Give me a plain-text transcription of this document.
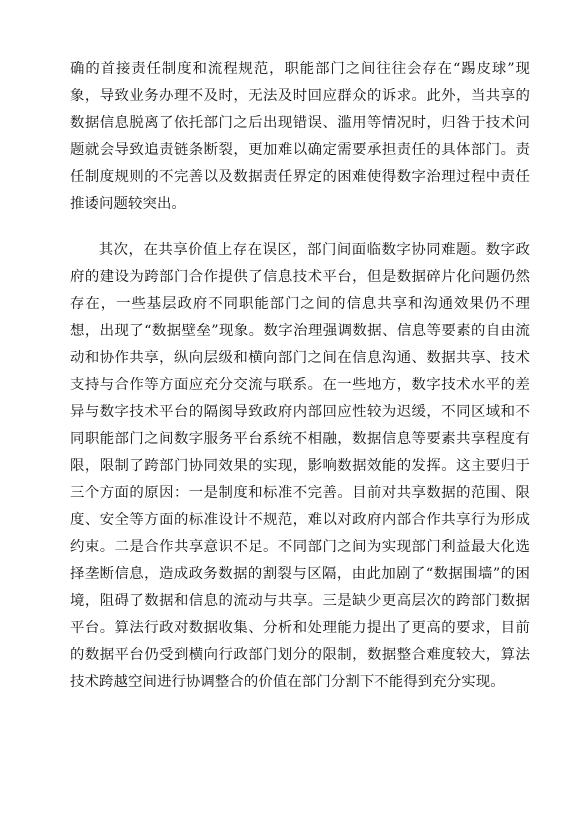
确的首接责任制度和流程规范，职能部门之间往往会存在“踢皮球”现象，导致业务办理不及时，无法及时回应群众的诉求。此外，当共享的数据信息脱离了依托部门之后出现错误、滥用等情况时，归咎于技术问题就会导致追责链条断裂，更加难以确定需要承担责任的具体部门。责任制度规则的不完善以及数据责任界定的困难使得数字治理过程中责任推诿问题较突出。

其次，在共享价值上存在误区，部门间面临数字协同难题。数字政府的建设为跨部门合作提供了信息技术平台，但是数据碎片化问题仍然存在，一些基层政府不同职能部门之间的信息共享和沟通效果仍不理想，出现了“数据壁垒”现象。数字治理强调数据、信息等要素的自由流动和协作共享，纵向层级和横向部门之间在信息沟通、数据共享、技术支持与合作等方面应充分交流与联系。在一些地方，数字技术水平的差异与数字技术平台的隔阂导致政府内部回应性较为迟缓，不同区域和不同职能部门之间数字服务平台系统不相融，数据信息等要素共享程度有限，限制了跨部门协同效果的实现，影响数据效能的发挥。这主要归于三个方面的原因：一是制度和标准不完善。目前对共享数据的范围、限度、安全等方面的标准设计不规范，难以对政府内部合作共享行为形成约束。二是合作共享意识不足。不同部门之间为实现部门利益最大化选择垄断信息，造成政务数据的割裂与区隔，由此加剧了“数据围墙”的困境，阻碍了数据和信息的流动与共享。三是缺少更高层次的跨部门数据平台。算法行政对数据收集、分析和处理能力提出了更高的要求，目前的数据平台仍受到横向行政部门划分的限制，数据整合难度较大，算法技术跨越空间进行协调整合的价值在部门分割下不能得到充分实现。
